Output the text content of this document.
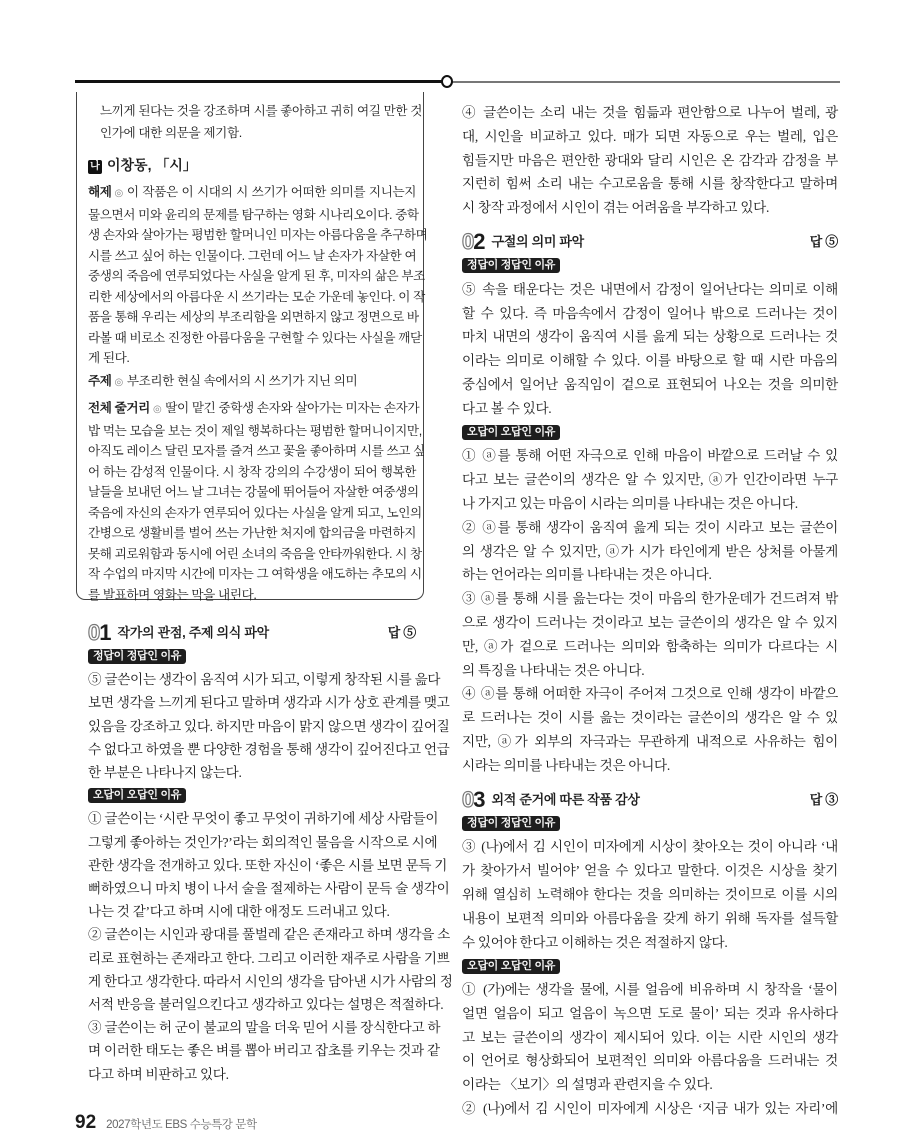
느끼게 된다는 것을 강조하며 시를 좋아하고 귀히 여길 만한 것
인가에 대한 의문을 제기함.
나 이창동, 「시」
해제 ◎ 이 작품은 이 시대의 시 쓰기가 어떠한 의미를 지니는지
물으면서 미와 윤리의 문제를 탐구하는 영화 시나리오이다. 중학
생 손자와 살아가는 평범한 할머니인 미자는 아름다움을 추구하며
시를 쓰고 싶어 하는 인물이다. 그런데 어느 날 손자가 자살한 여
중생의 죽음에 연루되었다는 사실을 알게 된 후, 미자의 삶은 부조
리한 세상에서의 아름다운 시 쓰기라는 모순 가운데 놓인다. 이 작
품을 통해 우리는 세상의 부조리함을 외면하지 않고 정면으로 바
라볼 때 비로소 진정한 아름다움을 구현할 수 있다는 사실을 깨닫
게 된다.
주제 ◎ 부조리한 현실 속에서의 시 쓰기가 지닌 의미
전체 줄거리 ◎ 딸이 맡긴 중학생 손자와 살아가는 미자는 손자가
밥 먹는 모습을 보는 것이 제일 행복하다는 평범한 할머니이지만,
아직도 레이스 달린 모자를 즐겨 쓰고 꽃을 좋아하며 시를 쓰고 싶
어 하는 감성적 인물이다. 시 창작 강의의 수강생이 되어 행복한
날들을 보내던 어느 날 그녀는 강물에 뛰어들어 자살한 여중생의
죽음에 자신의 손자가 연루되어 있다는 사실을 알게 되고, 노인의
간병으로 생활비를 벌어 쓰는 가난한 처지에 합의금을 마련하지
못해 괴로워함과 동시에 어린 소녀의 죽음을 안타까워한다. 시 창
작 수업의 마지막 시간에 미자는 그 여학생을 애도하는 추모의 시
를 발표하며 영화는 막을 내린다.
01 작가의 관점, 주제 의식 파악	답 ⑤
정답이 정답인 이유
⑤ 글쓴이는 생각이 움직여 시가 되고, 이렇게 창작된 시를 읊다
보면 생각을 느끼게 된다고 말하며 생각과 시가 상호 관계를 맺고
있음을 강조하고 있다. 하지만 마음이 맑지 않으면 생각이 깊어질
수 없다고 하였을 뿐 다양한 경험을 통해 생각이 깊어진다고 언급
한 부분은 나타나지 않는다.
오답이 오답인 이유
① 글쓴이는 ‘시란 무엇이 좋고 무엇이 귀하기에 세상 사람들이
그렇게 좋아하는 것인가?’라는 회의적인 물음을 시작으로 시에
관한 생각을 전개하고 있다. 또한 자신이 ‘좋은 시를 보면 문득 기
뻐하였으니 마치 병이 나서 술을 절제하는 사람이 문득 술 생각이
나는 것 같’다고 하며 시에 대한 애정도 드러내고 있다.
② 글쓴이는 시인과 광대를 풀벌레 같은 존재라고 하며 생각을 소
리로 표현하는 존재라고 한다. 그리고 이러한 재주로 사람을 기쁘
게 한다고 생각한다. 따라서 시인의 생각을 담아낸 시가 사람의 정
서적 반응을 불러일으킨다고 생각하고 있다는 설명은 적절하다.
③ 글쓴이는 허 군이 불교의 말을 더욱 믿어 시를 장식한다고 하
며 이러한 태도는 좋은 벼를 뽑아 버리고 잡초를 키우는 것과 같
다고 하며 비판하고 있다.
④ 글쓴이는 소리 내는 것을 힘듦과 편안함으로 나누어 벌레, 광
대, 시인을 비교하고 있다. 매가 되면 자동으로 우는 벌레, 입은
힘들지만 마음은 편안한 광대와 달리 시인은 온 감각과 감정을 부
지런히 힘써 소리 내는 수고로움을 통해 시를 창작한다고 말하며
시 창작 과정에서 시인이 겪는 어려움을 부각하고 있다.
02 구절의 의미 파악	답 ⑤
정답이 정답인 이유
⑤ 속을 태운다는 것은 내면에서 감정이 일어난다는 의미로 이해
할 수 있다. 즉 마음속에서 감정이 일어나 밖으로 드러나는 것이
마치 내면의 생각이 움직여 시를 읊게 되는 상황으로 드러나는 것
이라는 의미로 이해할 수 있다. 이를 바탕으로 할 때 시란 마음의
중심에서 일어난 움직임이 겉으로 표현되어 나오는 것을 의미한
다고 볼 수 있다.
오답이 오답인 이유
① ⓐ를 통해 어떤 자극으로 인해 마음이 바깥으로 드러날 수 있
다고 보는 글쓴이의 생각은 알 수 있지만, ⓐ가 인간이라면 누구
나 가지고 있는 마음이 시라는 의미를 나타내는 것은 아니다.
② ⓐ를 통해 생각이 움직여 읊게 되는 것이 시라고 보는 글쓴이
의 생각은 알 수 있지만, ⓐ가 시가 타인에게 받은 상처를 아물게
하는 언어라는 의미를 나타내는 것은 아니다.
③ ⓐ를 통해 시를 읊는다는 것이 마음의 한가운데가 건드려져 밖
으로 생각이 드러나는 것이라고 보는 글쓴이의 생각은 알 수 있지
만, ⓐ가 겉으로 드러나는 의미와 함축하는 의미가 다르다는 시
의 특징을 나타내는 것은 아니다.
④ ⓐ를 통해 어떠한 자극이 주어져 그것으로 인해 생각이 바깥으
로 드러나는 것이 시를 읊는 것이라는 글쓴이의 생각은 알 수 있
지만, ⓐ가 외부의 자극과는 무관하게 내적으로 사유하는 힘이
시라는 의미를 나타내는 것은 아니다.
03 외적 준거에 따른 작품 감상	답 ③
정답이 정답인 이유
③ (나)에서 김 시인이 미자에게 시상이 찾아오는 것이 아니라 ‘내
가 찾아가서 빌어야’ 얻을 수 있다고 말한다. 이것은 시상을 찾기
위해 열심히 노력해야 한다는 것을 의미하는 것이므로 이를 시의
내용이 보편적 의미와 아름다움을 갖게 하기 위해 독자를 설득할
수 있어야 한다고 이해하는 것은 적절하지 않다.
오답이 오답인 이유
① (가)에는 생각을 물에, 시를 얼음에 비유하며 시 창작을 ‘물이
얼면 얼음이 되고 얼음이 녹으면 도로 물이’ 되는 것과 유사하다
고 보는 글쓴이의 생각이 제시되어 있다. 이는 시란 시인의 생각
이 언어로 형상화되어 보편적인 의미와 아름다움을 드러내는 것
이라는 〈보기〉의 설명과 관련지을 수 있다.
② (나)에서 김 시인이 미자에게 시상은 ‘지금 내가 있는 자리’에
92 2027학년도 EBS 수능특강 문학
